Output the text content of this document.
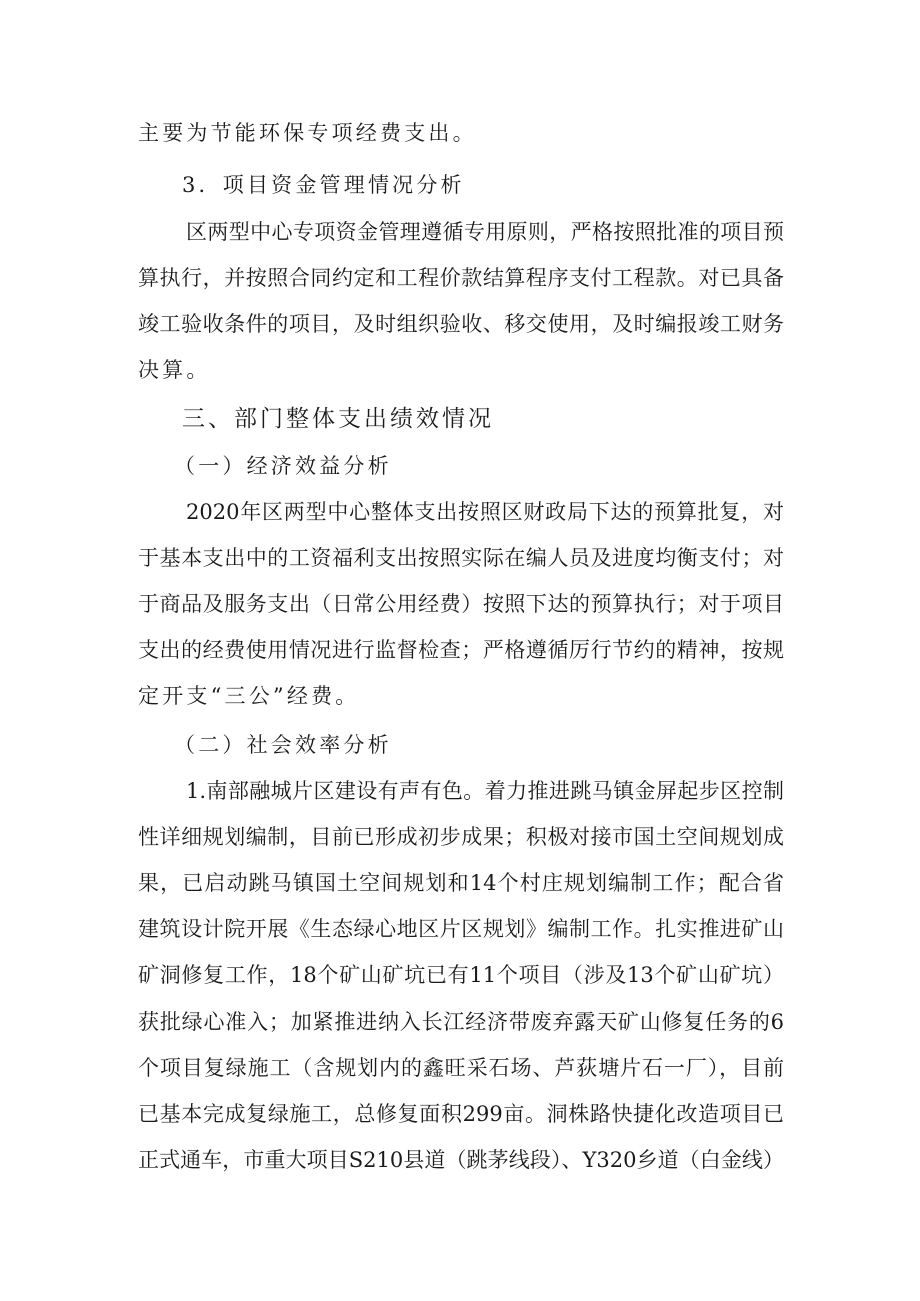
主要为节能环保专项经费支出。
3．项目资金管理情况分析
区两型中心专项资金管理遵循专用原则，严格按照批准的项目预
算执行，并按照合同约定和工程价款结算程序支付工程款。对已具备
竣工验收条件的项目，及时组织验收、移交使用，及时编报竣工财务
决算。
三、部门整体支出绩效情况
（一）经济效益分析
2020年区两型中心整体支出按照区财政局下达的预算批复，对
于基本支出中的工资福利支出按照实际在编人员及进度均衡支付；对
于商品及服务支出（日常公用经费）按照下达的预算执行；对于项目
支出的经费使用情况进行监督检查；严格遵循厉行节约的精神，按规
定开支“三公”经费。
（二）社会效率分析
1.南部融城片区建设有声有色。着力推进跳马镇金屏起步区控制
性详细规划编制，目前已形成初步成果；积极对接市国土空间规划成
果，已启动跳马镇国土空间规划和14个村庄规划编制工作；配合省
建筑设计院开展《生态绿心地区片区规划》编制工作。扎实推进矿山
矿洞修复工作，18个矿山矿坑已有11个项目（涉及13个矿山矿坑）
获批绿心准入；加紧推进纳入长江经济带废弃露天矿山修复任务的6
个项目复绿施工（含规划内的鑫旺采石场、芦荻塘片石一厂），目前
已基本完成复绿施工，总修复面积299亩。洞株路快捷化改造项目已
正式通车，市重大项目S210县道（跳茅线段）、Y320乡道（白金线）
